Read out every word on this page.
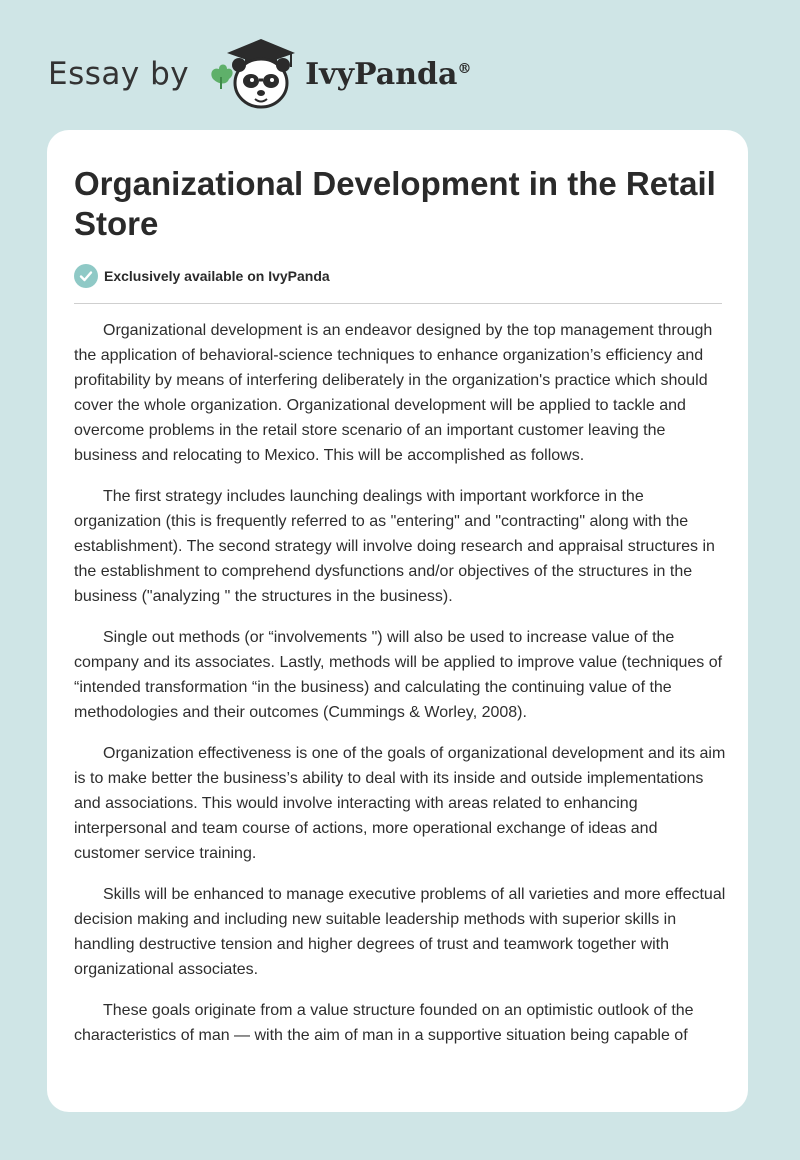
Essay by	IvyPanda®
Organizational Development in the Retail Store
Exclusively available on IvyPanda

Organizational development is an endeavor designed by the top management through the application of behavioral-science techniques to enhance organization’s efficiency and profitability by means of interfering deliberately in the organization's practice which should cover the whole organization. Organizational development will be applied to tackle and overcome problems in the retail store scenario of an important customer leaving the business and relocating to Mexico. This will be accomplished as follows.

The first strategy includes launching dealings with important workforce in the organization (this is frequently referred to as "entering" and "contracting" along with the establishment). The second strategy will involve doing research and appraisal structures in the establishment to comprehend dysfunctions and/or objectives of the structures in the business ("analyzing " the structures in the business).

Single out methods (or “involvements ") will also be used to increase value of the company and its associates. Lastly, methods will be applied to improve value (techniques of “intended transformation “in the business) and calculating the continuing value of the methodologies and their outcomes (Cummings & Worley, 2008).

Organization effectiveness is one of the goals of organizational development and its aim is to make better the business’s ability to deal with its inside and outside implementations and associations. This would involve interacting with areas related to enhancing interpersonal and team course of actions, more operational exchange of ideas and customer service training.

Skills will be enhanced to manage executive problems of all varieties and more effectual decision making and including new suitable leadership methods with superior skills in handling destructive tension and higher degrees of trust and teamwork together with organizational associates.

These goals originate from a value structure founded on an optimistic outlook of the characteristics of man — with the aim of man in a supportive situation being capable of
